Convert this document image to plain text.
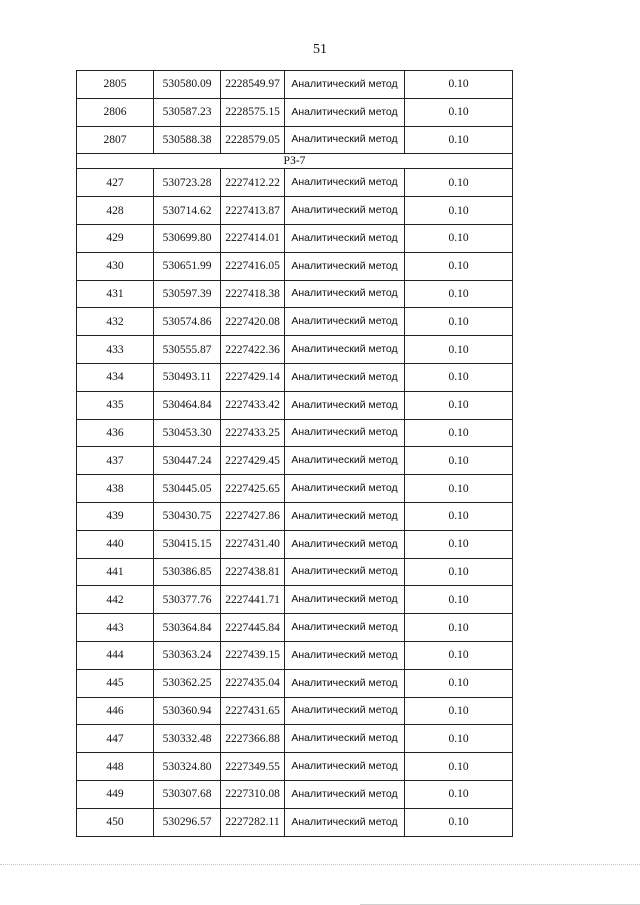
51
2805	530580.09	2228549.97	Аналитический метод	0.10
2806	530587.23	2228575.15	Аналитический метод	0.10
2807	530588.38	2228579.05	Аналитический метод	0.10
РЗ-7				
427	530723.28	2227412.22	Аналитический метод	0.10
428	530714.62	2227413.87	Аналитический метод	0.10
429	530699.80	2227414.01	Аналитический метод	0.10
430	530651.99	2227416.05	Аналитический метод	0.10
431	530597.39	2227418.38	Аналитический метод	0.10
432	530574.86	2227420.08	Аналитический метод	0.10
433	530555.87	2227422.36	Аналитический метод	0.10
434	530493.11	2227429.14	Аналитический метод	0.10
435	530464.84	2227433.42	Аналитический метод	0.10
436	530453.30	2227433.25	Аналитический метод	0.10
437	530447.24	2227429.45	Аналитический метод	0.10
438	530445.05	2227425.65	Аналитический метод	0.10
439	530430.75	2227427.86	Аналитический метод	0.10
440	530415.15	2227431.40	Аналитический метод	0.10
441	530386.85	2227438.81	Аналитический метод	0.10
442	530377.76	2227441.71	Аналитический метод	0.10
443	530364.84	2227445.84	Аналитический метод	0.10
444	530363.24	2227439.15	Аналитический метод	0.10
445	530362.25	2227435.04	Аналитический метод	0.10
446	530360.94	2227431.65	Аналитический метод	0.10
447	530332.48	2227366.88	Аналитический метод	0.10
448	530324.80	2227349.55	Аналитический метод	0.10
449	530307.68	2227310.08	Аналитический метод	0.10
450	530296.57	2227282.11	Аналитический метод	0.10
